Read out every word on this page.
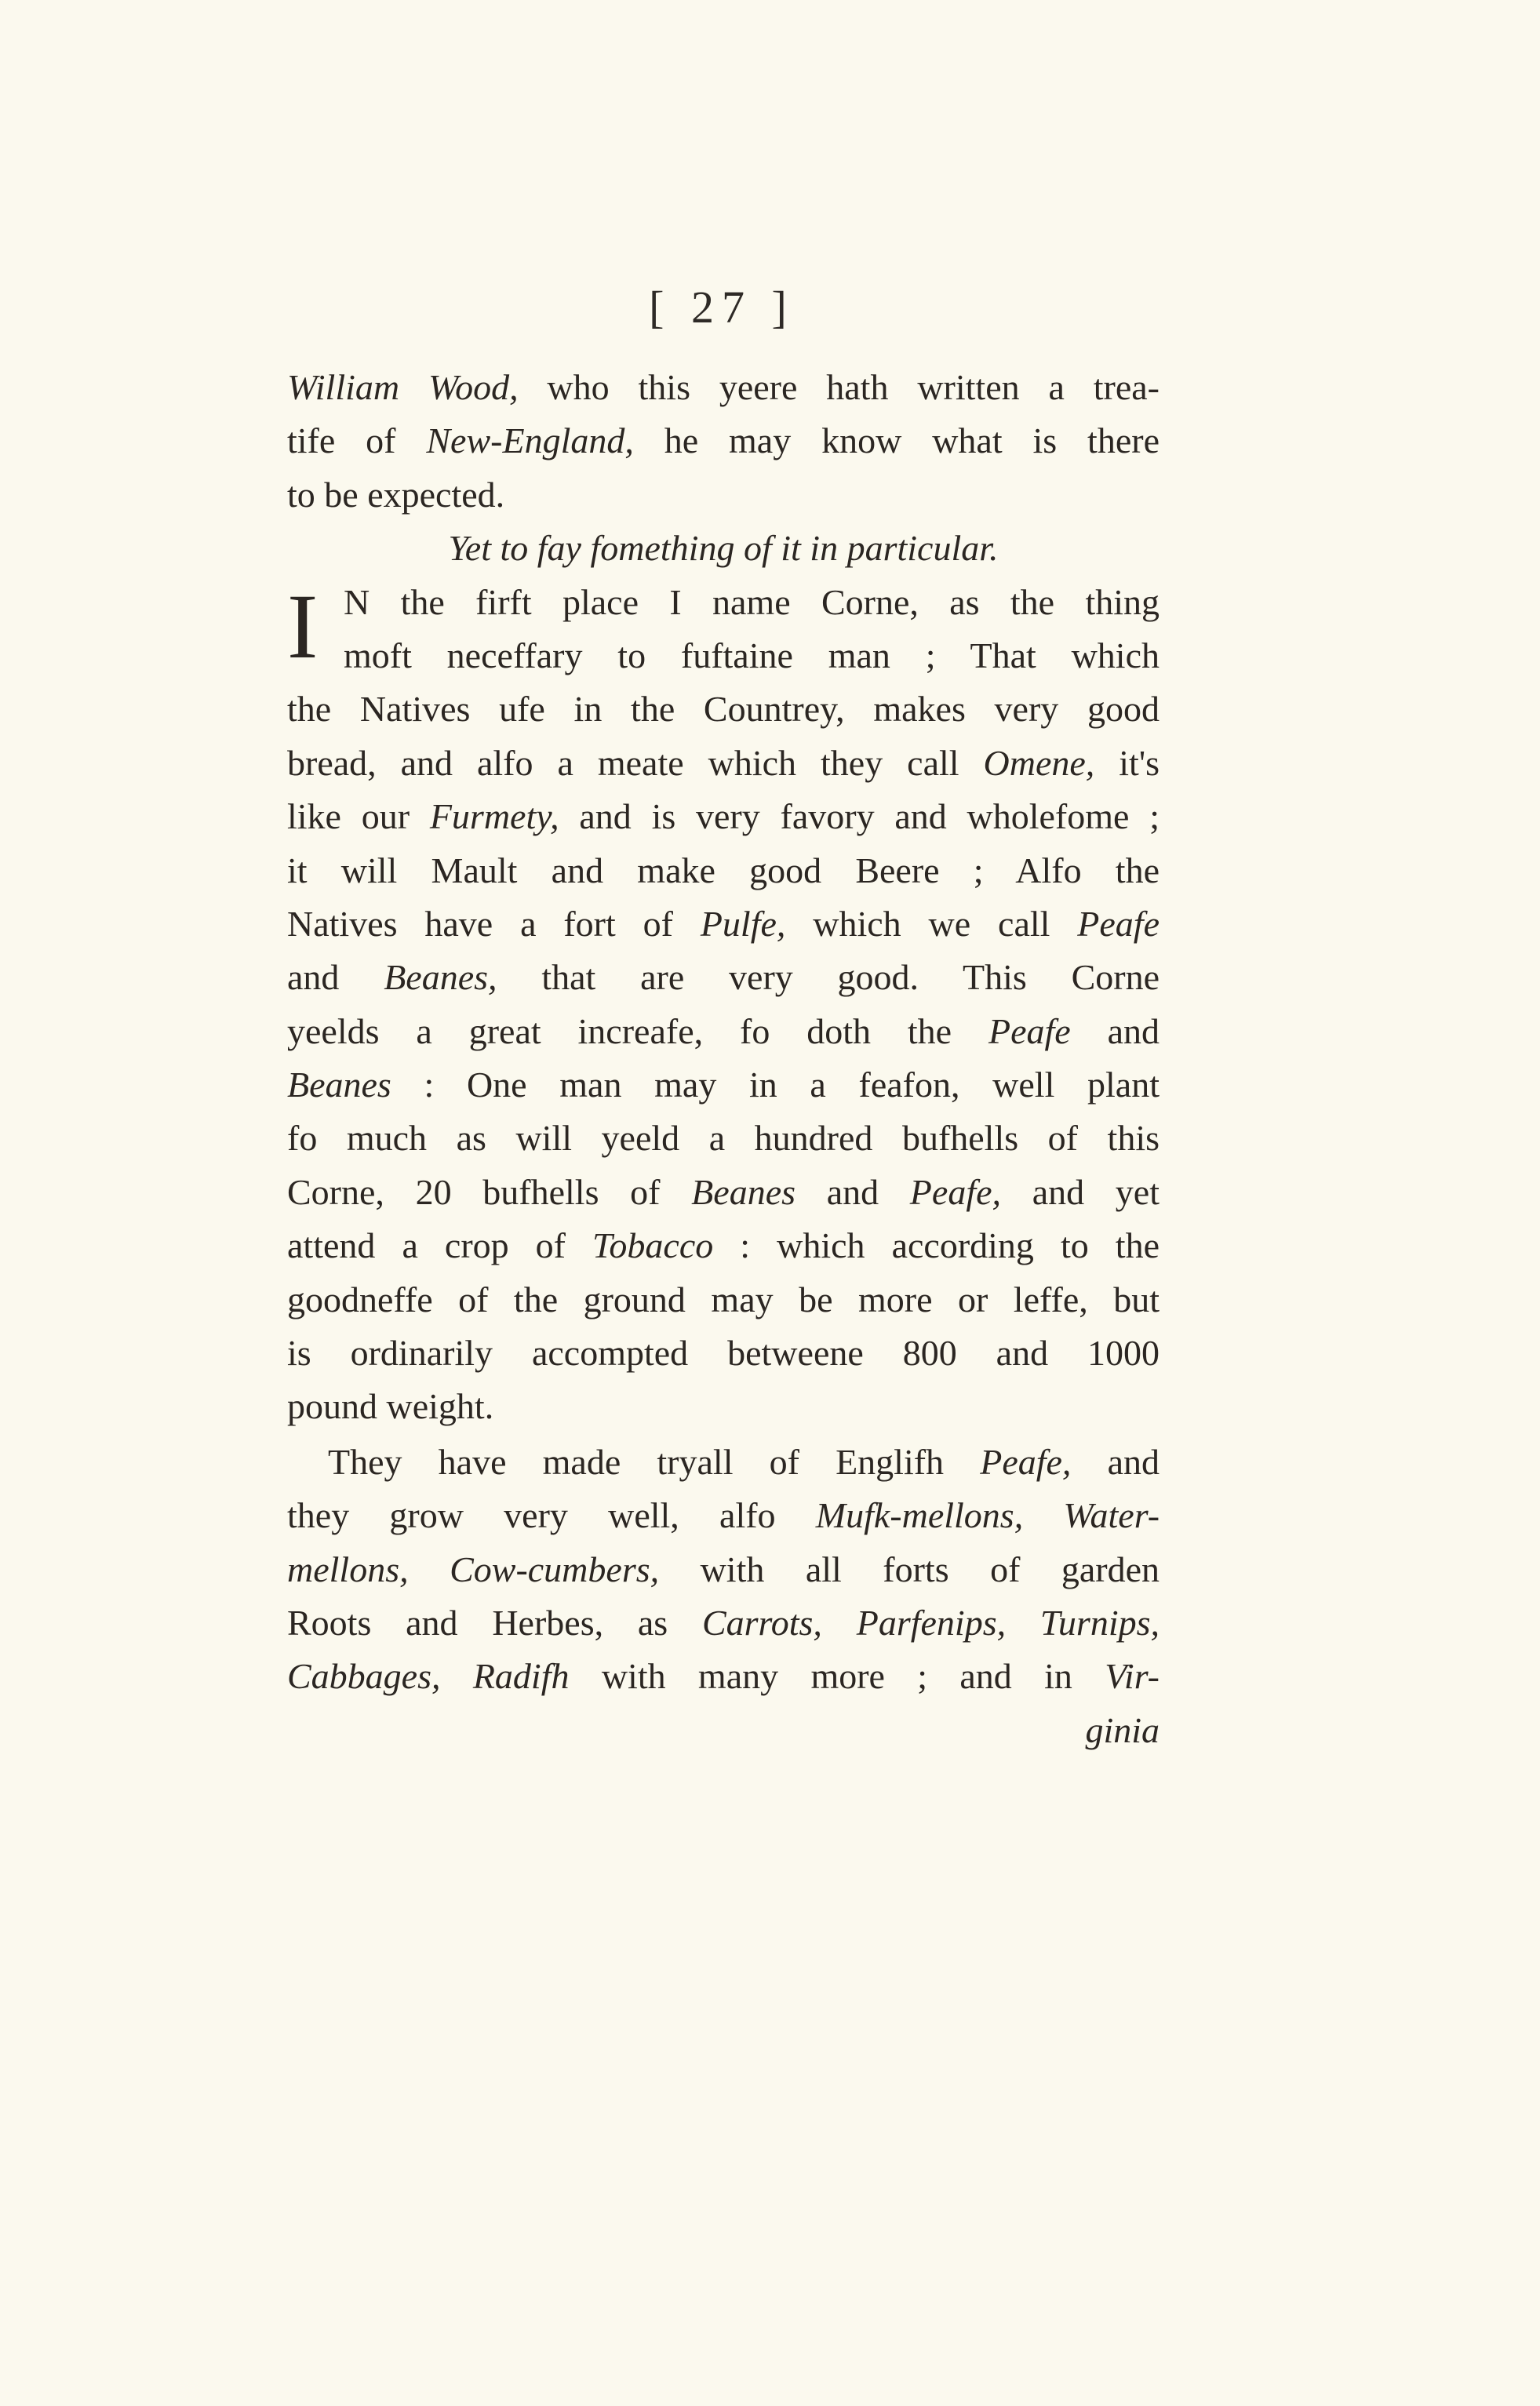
[ 27 ]
William Wood, who this yeere hath written a trea-
tife of New-England, he may know what is there
to be expected.
Yet to fay fomething of it in particular.
I N the firft place I name Corne, as the thing
moft neceffary to fuftaine man ; That which
the Natives ufe in the Countrey, makes very good
bread, and alfo a meate which they call Omene, it's
like our Furmety, and is very favory and wholefome ;
it will Mault and make good Beere ; Alfo the
Natives have a fort of Pulfe, which we call Peafe
and Beanes, that are very good. This Corne
yeelds a great increafe, fo doth the Peafe and
Beanes : One man may in a feafon, well plant
fo much as will yeeld a hundred bufhells of this
Corne, 20 bufhells of Beanes and Peafe, and yet
attend a crop of Tobacco : which according to the
goodneffe of the ground may be more or leffe, but
is ordinarily accompted betweene 800 and 1000
pound weight.
They have made tryall of Englifh Peafe, and
they grow very well, alfo Mufk-mellons, Water-
mellons, Cow-cumbers, with all forts of garden
Roots and Herbes, as Carrots, Parfenips, Turnips,
Cabbages, Radifh with many more ; and in Vir-
ginia
